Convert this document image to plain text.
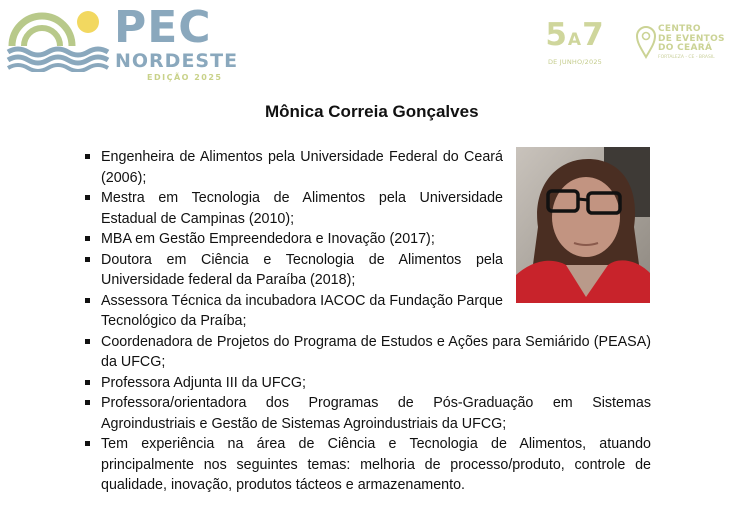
PEC
NORDESTE
EDIÇÃO 2025
5A7
DE JUNHO/2025
CENTRO
DE EVENTOS
DO CEARÁ
FORTALEZA - CE - BRASIL
Mônica Correia Gonçalves
Engenheira de Alimentos pela Universidade Federal do Ceará (2006);
Mestra em Tecnologia de Alimentos pela Universidade Estadual de Campinas (2010);
MBA em Gestão Empreendedora e Inovação (2017);
Doutora em Ciência e Tecnologia de Alimentos pela Universidade federal da Paraíba (2018);
Assessora Técnica da incubadora IACOC da Fundação Parque Tecnológico da Praíba;
Coordenadora de Projetos do Programa de Estudos e Ações para Semiárido (PEASA) da UFCG;
Professora Adjunta III da UFCG;
Professora/orientadora dos Programas de Pós-Graduação em Sistemas Agroindustriais e Gestão de Sistemas Agroindustriais da UFCG;
Tem experiência na área de Ciência e Tecnologia de Alimentos, atuando principalmente nos seguintes temas: melhoria de processo/produto, controle de qualidade, inovação, produtos tácteos e armazenamento.
